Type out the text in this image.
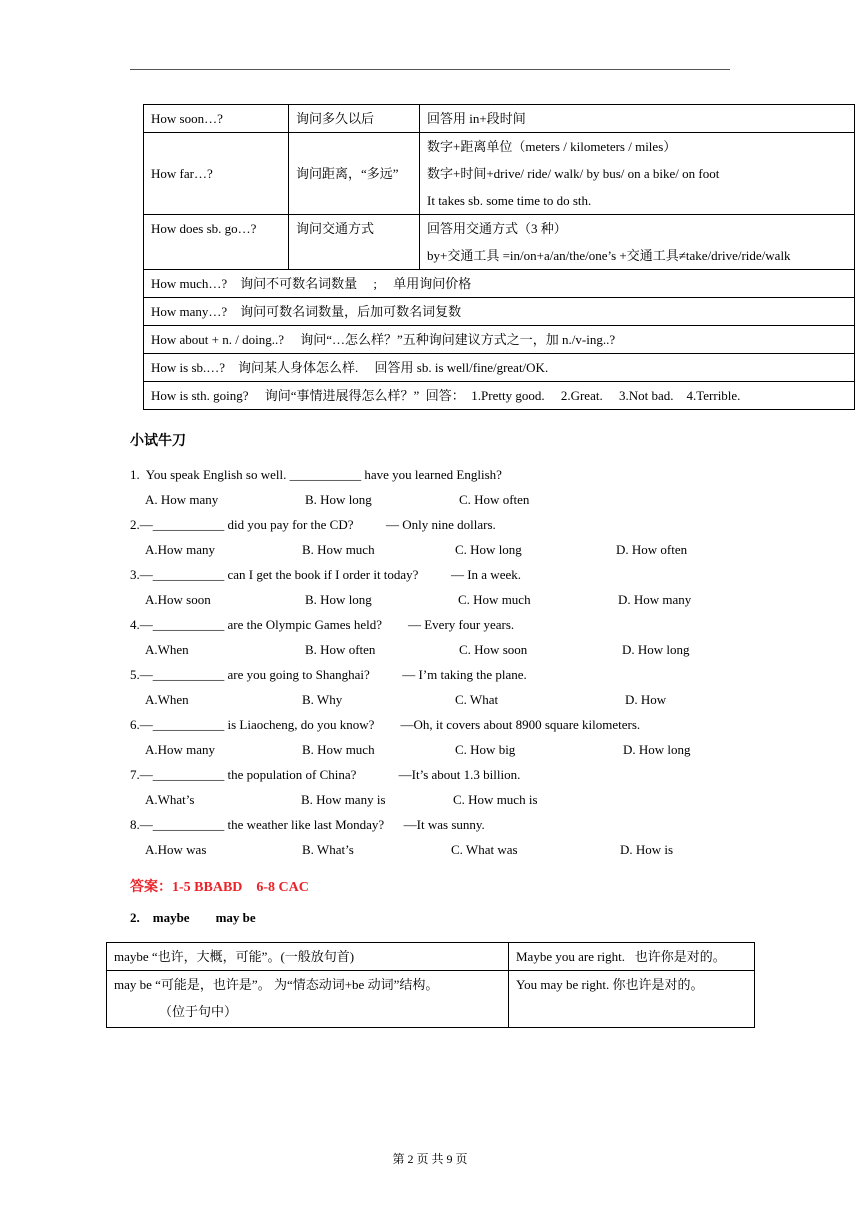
How soon…?	询问多久以后	回答用 in+段时间

How far…?	询问距离，“多远”	数字+距离单位（meters / kilometers / miles）
数字+时间+drive/ ride/ walk/ by bus/ on a bike/ on foot
It takes sb. some time to do sth.

How does sb. go…?	询问交通方式	回答用交通方式（3 种）
by+交通工具 =in/on+a/an/the/one’s +交通工具≠take/drive/ride/walk

How much…?    询问不可数名词数量     ;     单用询问价格		

How many…?    询问可数名词数量，后加可数名词复数		

How about + n. / doing..?     询问“…怎么样？”五种询问建议方式之一，加 n./v-ing..?		

How is sb.…?    询问某人身体怎么样.     回答用 sb. is well/fine/great/OK.		

How is sth. going?     询问“事情进展得怎么样？”  回答：  1.Pretty good.     2.Great.     3.Not bad.    4.Terrible.		
小试牛刀
1.  You speak English so well. ___________ have you learned English?
A. How many	B. How long	C. How often
2.—___________ did you pay for the CD?          — Only nine dollars.
A.How many	B. How much	C. How long	D. How often
3.—___________ can I get the book if I order it today?          — In a week.
A.How soon	B. How long	C. How much	D. How many
4.—___________ are the Olympic Games held?        — Every four years.
A.When	B. How often	C. How soon	D. How long
5.—___________ are you going to Shanghai?          — I’m taking the plane.
A.When	B. Why	C. What	D. How
6.—___________ is Liaocheng, do you know?        —Oh, it covers about 8900 square kilometers.
A.How many	B. How much	C. How big	D. How long
7.—___________ the population of China?             —It’s about 1.3 billion.
A.What’s	B. How many is	C. How much is
8.—___________ the weather like last Monday?      —It was sunny.
A.How was	B. What’s	C. What was	D. How is
答案：1-5 BBABD    6-8 CAC
2.    maybe        may be
maybe “也许，大概，可能”。(一般放句首)	Maybe you are right.   也许你是对的。

may be “可能是，也许是”。 为“情态动词+be 动词”结构。
（位于句中）	You may be right. 你也许是对的。
第 2 页 共 9 页
